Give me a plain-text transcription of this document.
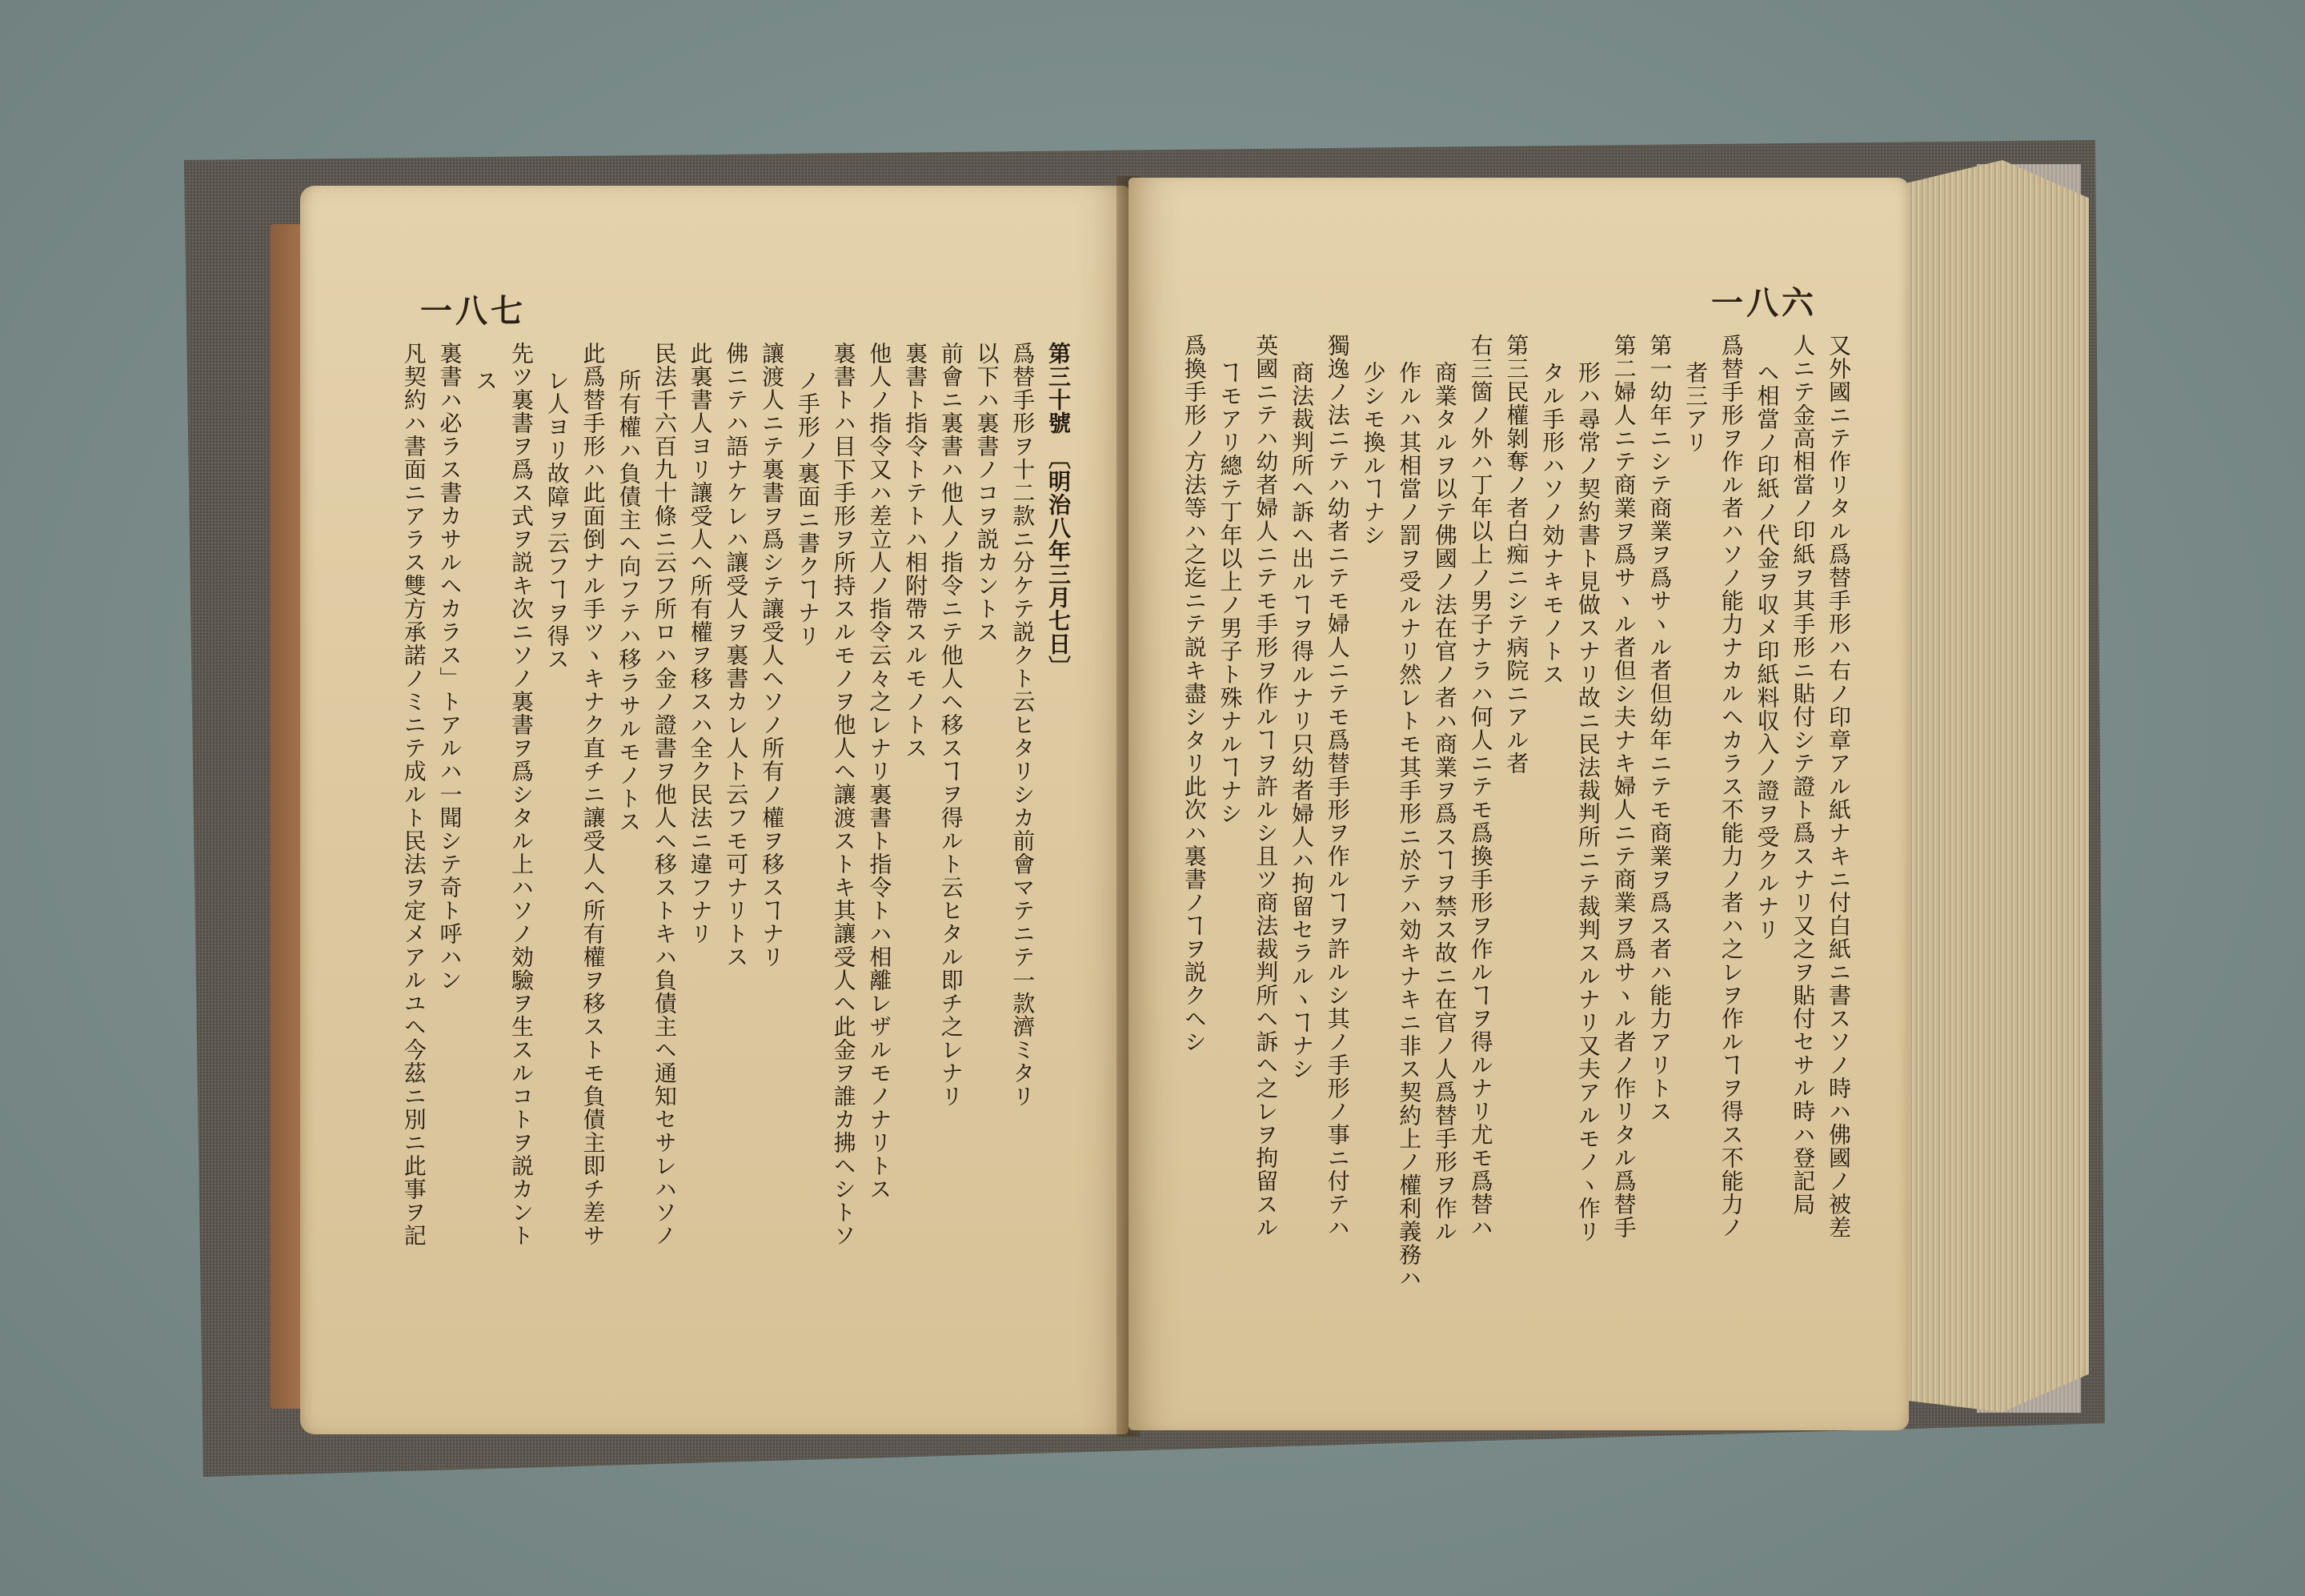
一八七
第三十號　〔明治八年三月七日〕
爲替手形ヲ十二款ニ分ケテ説クト云ヒタリシカ前會マテニテ一款濟ミタリ
以下ハ裏書ノコヲ説カントス
前會ニ裏書ハ他人ノ指令ニテ他人ヘ移スヿヲ得ルト云ヒタル即チ之レナリ
裏書ト指令トテトハ相附帶スルモノトス
他人ノ指令又ハ差立人ノ指令云々之レナリ裏書ト指令トハ相離レザルモノナリトス
裏書トハ目下手形ヲ所持スルモノヲ他人ヘ讓渡ストキ其讓受人ヘ此金ヲ誰カ拂ヘシトソ
ノ手形ノ裏面ニ書クヿナリ
讓渡人ニテ裏書ヲ爲シテ讓受人ヘソノ所有ノ權ヲ移スヿナリ
佛ニテハ語ナケレハ讓受人ヲ裏書カレ人ト云フモ可ナリトス
此裏書人ヨリ讓受人ヘ所有權ヲ移スハ全ク民法ニ違フナリ
民法千六百九十條ニ云フ所ロハ金ノ證書ヲ他人ヘ移ストキハ負債主ヘ通知セサレハソノ
所有權ハ負債主ヘ向フテハ移ラサルモノトス
此爲替手形ハ此面倒ナル手ツヽキナク直チニ讓受人ヘ所有權ヲ移ストモ負債主即チ差サ
レ人ヨリ故障ヲ云フヿヲ得ス
先ツ裏書ヲ爲ス式ヲ説キ次ニソノ裏書ヲ爲シタル上ハソノ効驗ヲ生スルコトヲ説カント
ス
裏書ハ必ラス書カサルヘカラス」トアルハ一聞シテ奇ト呼ハン
凡契約ハ書面ニアラス雙方承諾ノミニテ成ルト民法ヲ定メアルユヘ今茲ニ別ニ此事ヲ記
一八六
又外國ニテ作リタル爲替手形ハ右ノ印章アル紙ナキニ付白紙ニ書スソノ時ハ佛國ノ被差
人ニテ金高相當ノ印紙ヲ其手形ニ貼付シテ證ト爲スナリ又之ヲ貼付セサル時ハ登記局
ヘ相當ノ印紙ノ代金ヲ収メ印紙料収入ノ證ヲ受クルナリ
爲替手形ヲ作ル者ハソノ能力ナカルヘカラス不能力ノ者ハ之レヲ作ルヿヲ得ス不能力ノ
者三アリ
第一幼年ニシテ商業ヲ爲サヽル者但幼年ニテモ商業ヲ爲ス者ハ能力アリトス
第二婦人ニテ商業ヲ爲サヽル者但シ夫ナキ婦人ニテ商業ヲ爲サヽル者ノ作リタル爲替手
形ハ尋常ノ契約書ト見做スナリ故ニ民法裁判所ニテ裁判スルナリ又夫アルモノヽ作リ
タル手形ハソノ効ナキモノトス
第三民權剝奪ノ者白痴ニシテ病院ニアル者
右三箇ノ外ハ丁年以上ノ男子ナラハ何人ニテモ爲換手形ヲ作ルヿヲ得ルナリ尤モ爲替ハ
商業タルヲ以テ佛國ノ法在官ノ者ハ商業ヲ爲スヿヲ禁ス故ニ在官ノ人爲替手形ヲ作ル
作ルハ其相當ノ罰ヲ受ルナリ然レトモ其手形ニ於テハ効キナキニ非ス契約上ノ權利義務ハ
少シモ換ルヿナシ
獨逸ノ法ニテハ幼者ニテモ婦人ニテモ爲替手形ヲ作ルヿヲ許ルシ其ノ手形ノ事ニ付テハ
商法裁判所ヘ訴ヘ出ルヿヲ得ルナリ只幼者婦人ハ拘留セラルヽヿナシ
英國ニテハ幼者婦人ニテモ手形ヲ作ルヿヲ許ルシ且ツ商法裁判所ヘ訴ヘ之レヲ拘留スル
ヿモアリ總テ丁年以上ノ男子ト殊ナルヿナシ
爲換手形ノ方法等ハ之迄ニテ説キ盡シタリ此次ハ裏書ノヿヲ説クヘシ
